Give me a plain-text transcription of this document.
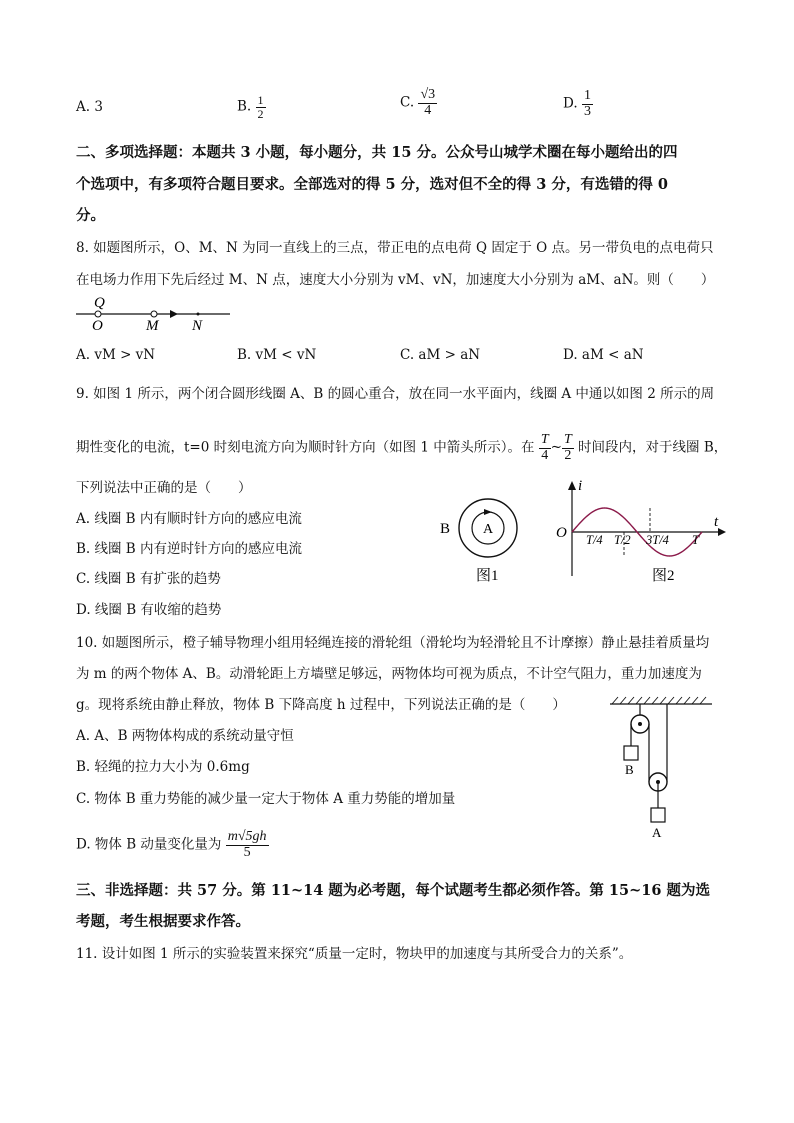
A. 3	B. $\frac{1}{2}$	C. $\frac{√3}{4}$	D. $\frac{1}{3}$
二、多项选择题：本题共 3 小题，每小题分，共 15 分。公众号山城学术圈在每小题给出的四
个选项中，有多项符合题目要求。全部选对的得 5 分，选对但不全的得 3 分，有选错的得 0
分。
8. 如题图所示，O、M、N 为同一直线上的三点，带正电的点电荷 Q 固定于 O 点。另一带负电的点电荷只
在电场力作用下先后经过 M、N 点，速度大小分别为 vM、vN，加速度大小分别为 aM、aN。则（　　）
Q
O	M N
A. vM > vN	B. vM < vN	C. aM > aN	D. aM < aN
9. 如图 1 所示，两个闭合圆形线圈 A、B 的圆心重合，放在同一水平面内，线圈 A 中通以如图 2 所示的周
期性变化的电流，t=0 时刻电流方向为顺时针方向（如图 1 中箭头所示）。在 $\frac{T}{4}$ ~ $\frac{T}{2}$ 时间段内，对于线圈 B，
下列说法中正确的是（　　）
A. 线圈 B 内有顺时针方向的感应电流
B. 线圈 B 内有逆时针方向的感应电流
C. 线圈 B 有扩张的趋势
D. 线圈 B 有收缩的趋势
B A
图1
i
t
O T/4 T/2 3T/4 T
图2
10. 如题图所示，橙子辅导物理小组用轻绳连接的滑轮组（滑轮均为轻滑轮且不计摩擦）静止悬挂着质量均
为 m 的两个物体 A、B。动滑轮距上方墙壁足够远，两物体均可视为质点，不计空气阻力，重力加速度为
g。现将系统由静止释放，物体 B 下降高度 h 过程中，下列说法正确的是（　　）
A. A、B 两物体构成的系统动量守恒
B. 轻绳的拉力大小为 0.6mg
C. 物体 B 重力势能的减少量一定大于物体 A 重力势能的增加量
D. 物体 B 动量变化量为 $\frac{m√5gh}{5}$
B
A
三、非选择题：共 57 分。第 11~14 题为必考题，每个试题考生都必须作答。第 15~16 题为选
考题，考生根据要求作答。
11. 设计如图 1 所示的实验装置来探究“质量一定时，物块甲的加速度与其所受合力的关系”。
